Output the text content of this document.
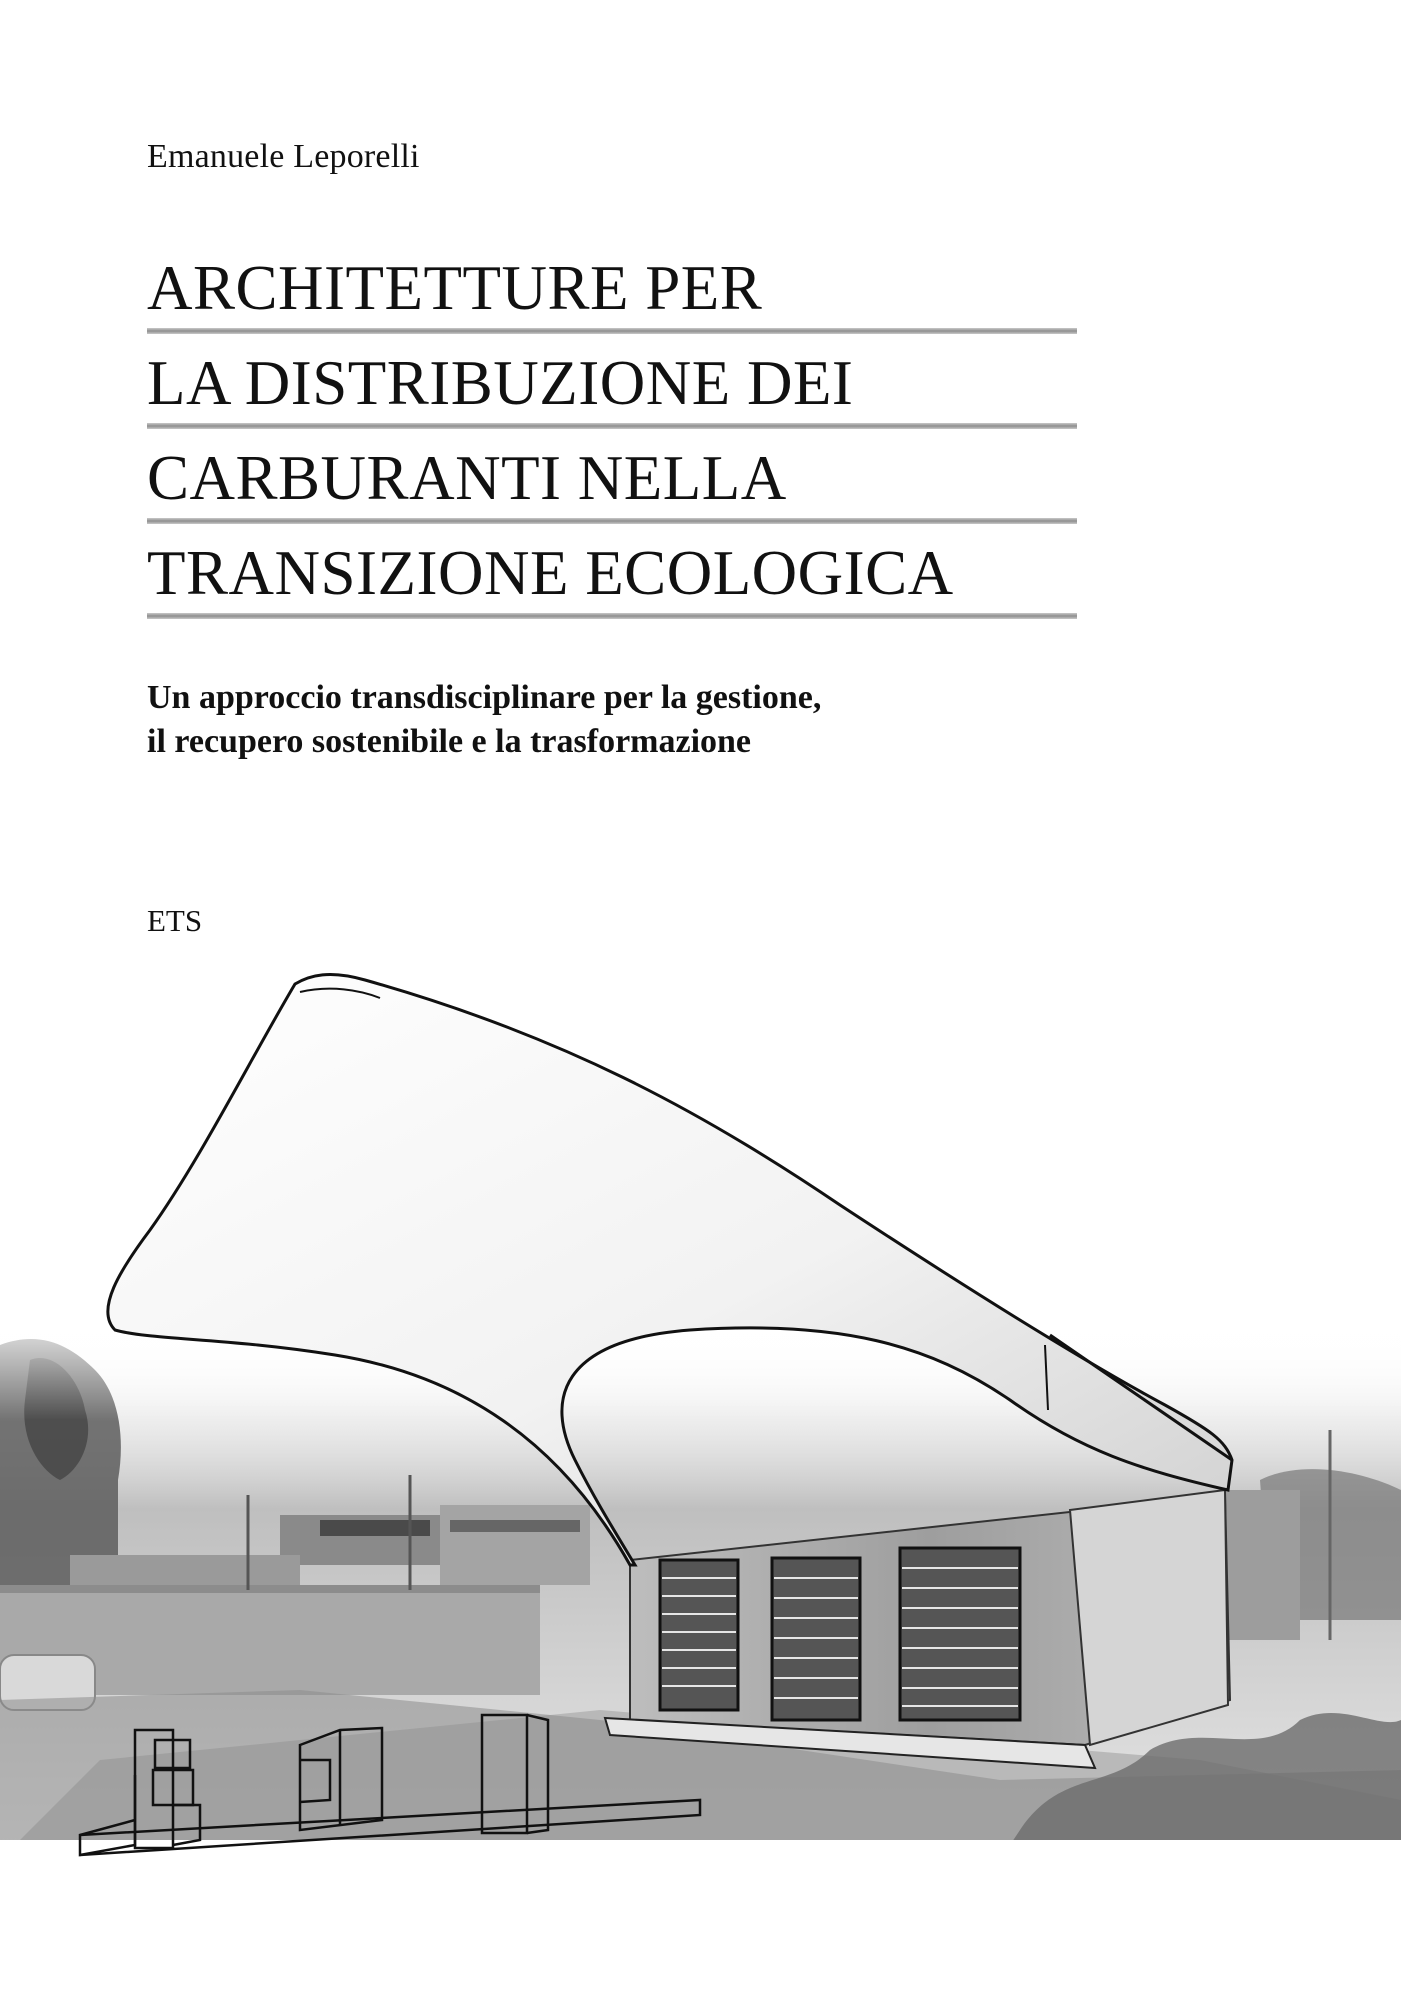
Emanuele Leporelli
ARCHITETTURE PER
LA DISTRIBUZIONE DEI
CARBURANTI NELLA
TRANSIZIONE ECOLOGICA
Un approccio transdisciplinare per la gestione,
il recupero sostenibile e la trasformazione
ETS
